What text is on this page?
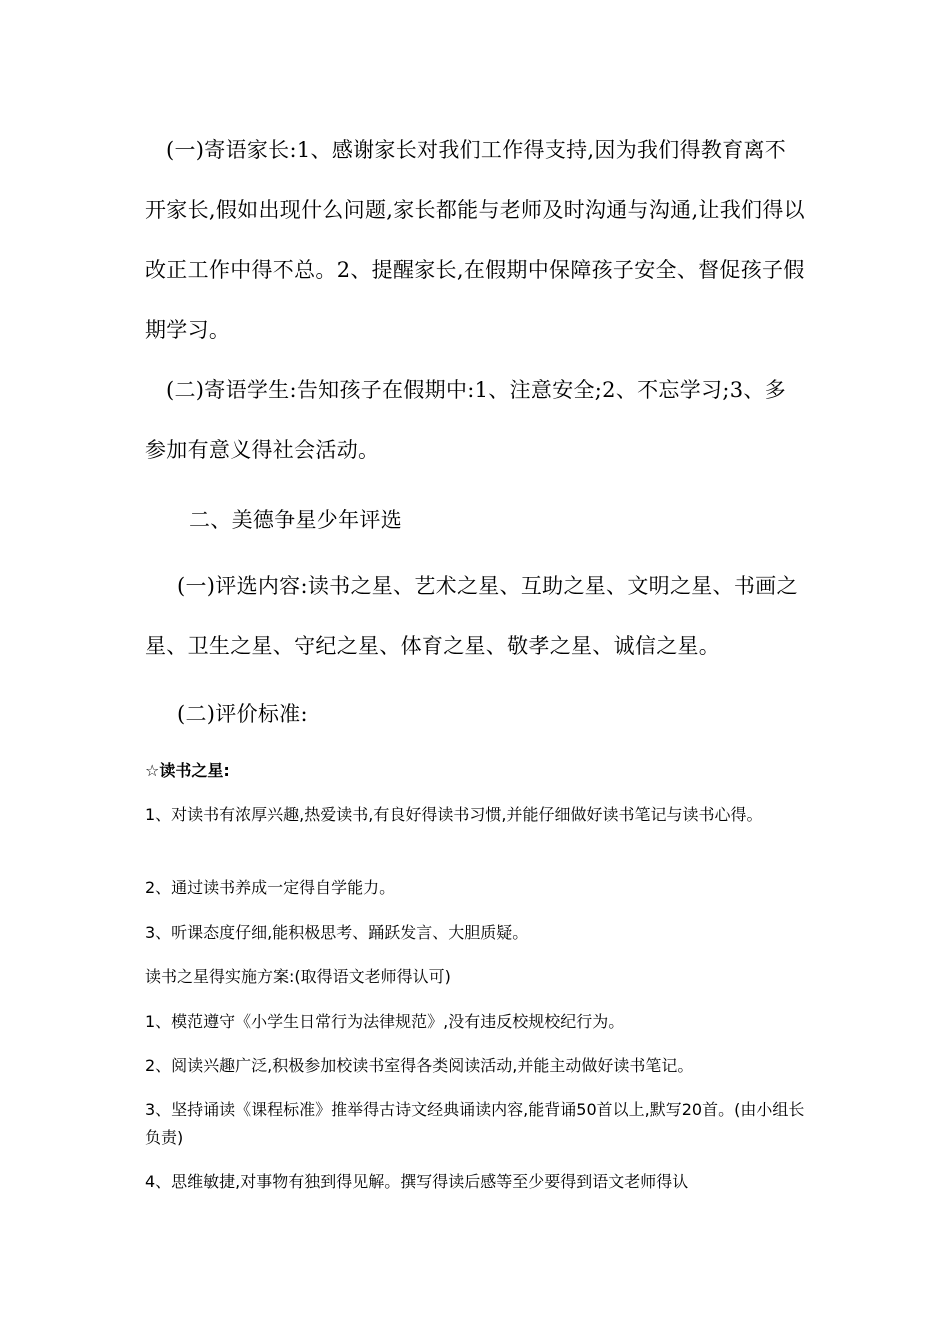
(一)寄语家长:1、感谢家长对我们工作得支持,因为我们得教育离不开家长,假如出现什么问题,家长都能与老师及时沟通与沟通,让我们得以改正工作中得不总。2、提醒家长,在假期中保障孩子安全、督促孩子假期学习。

(二)寄语学生:告知孩子在假期中:1、注意安全;2、不忘学习;3、多参加有意义得社会活动。

二、美德争星少年评选

(一)评选内容:读书之星、艺术之星、互助之星、文明之星、书画之星、卫生之星、守纪之星、体育之星、敬孝之星、诚信之星。

(二)评价标准:

☆读书之星:

1、对读书有浓厚兴趣,热爱读书,有良好得读书习惯,并能仔细做好读书笔记与读书心得。

2、通过读书养成一定得自学能力。

3、听课态度仔细,能积极思考、踊跃发言、大胆质疑。

读书之星得实施方案:(取得语文老师得认可)

1、模范遵守《小学生日常行为法律规范》,没有违反校规校纪行为。

2、阅读兴趣广泛,积极参加校读书室得各类阅读活动,并能主动做好读书笔记。

3、坚持诵读《课程标准》推举得古诗文经典诵读内容,能背诵50首以上,默写20首。(由小组长负责)

4、思维敏捷,对事物有独到得见解。撰写得读后感等至少要得到语文老师得认
